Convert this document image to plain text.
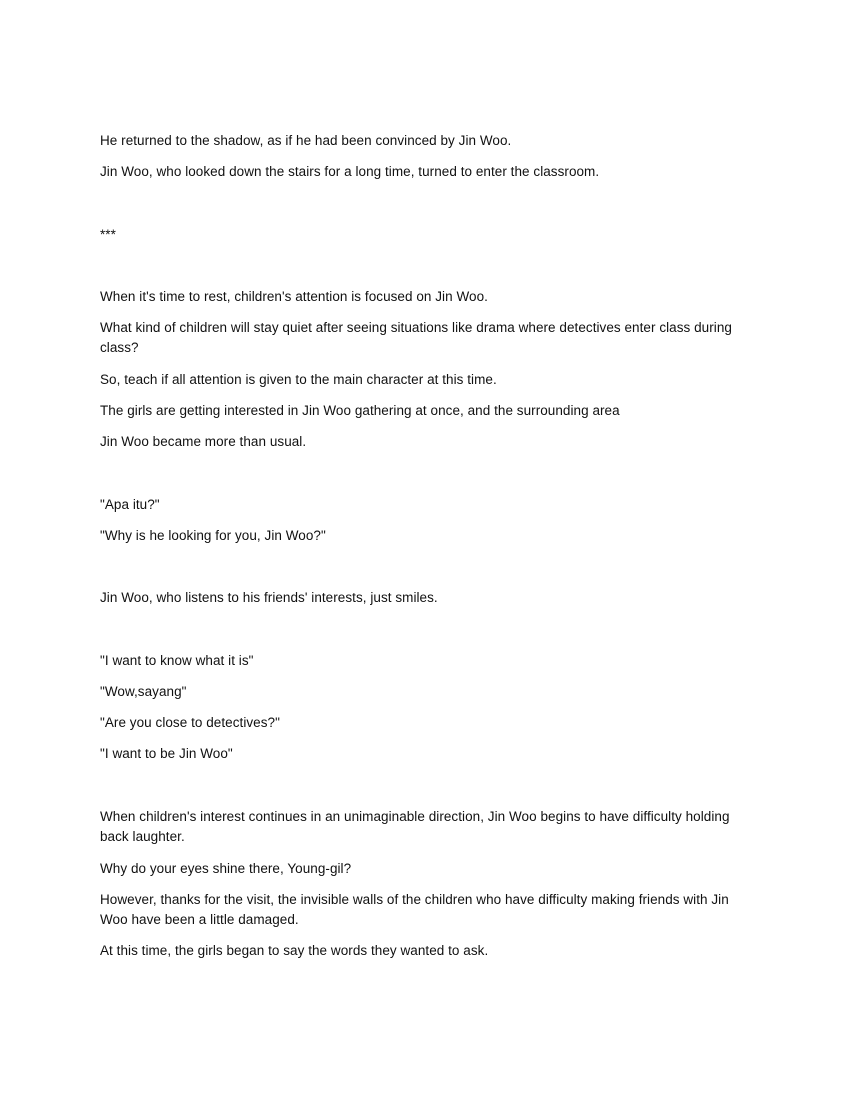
He returned to the shadow, as if he had been convinced by Jin Woo.

Jin Woo, who looked down the stairs for a long time, turned to enter the classroom.

***

When it's time to rest, children's attention is focused on Jin Woo.

What kind of children will stay quiet after seeing situations like drama where detectives enter class during class?

So, teach if all attention is given to the main character at this time.

The girls are getting interested in Jin Woo gathering at once, and the surrounding area

Jin Woo became more than usual.

"Apa itu?"

"Why is he looking for you, Jin Woo?"

Jin Woo, who listens to his friends' interests, just smiles.

"I want to know what it is"

"Wow,sayang"

"Are you close to detectives?"

"I want to be Jin Woo"

When children's interest continues in an unimaginable direction, Jin Woo begins to have difficulty holding back laughter.

Why do your eyes shine there, Young-gil?

However, thanks for the visit, the invisible walls of the children who have difficulty making friends with Jin Woo have been a little damaged.

At this time, the girls began to say the words they wanted to ask.
